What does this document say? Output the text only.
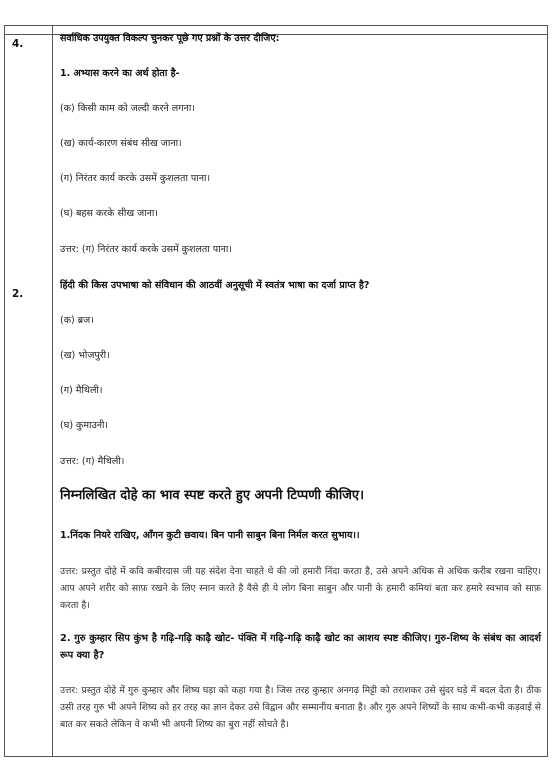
4.
2.
सर्वाधिक उपयुक्त विकल्प चुनकर पूछे गए प्रश्नों के उत्तर दीजिए:
1. अभ्यास करने का अर्थ होता है-
(क) किसी काम को जल्दी करने लगना।
(ख) कार्य-कारण संबंध सीख जाना।
(ग) निरंतर कार्य करके उसमें कुशलता पाना।
(घ) बहस करके सीख जाना।
उत्तर: (ग) निरंतर कार्य करके उसमें कुशलता पाना।
हिंदी की किस उपभाषा को संविधान की आठवीं अनुसूची में स्वतंत्र भाषा का दर्जा प्राप्त है?
(क) ब्रज।
(ख) भोजपुरी।
(ग) मैथिली।
(घ) कुमाउनी।
उत्तर: (ग) मैथिली।
निम्नलिखित दोहे का भाव स्पष्ट करते हुए अपनी टिप्पणी कीजिए।
1.निंदक नियरे राखिए, आँगन कुटी छवाय। बिन पानी साबुन बिना निर्मल करत सुभाय।।
उत्तर: प्रस्तुत दोहे में कवि कबीरदास जी यह संदेश देना चाहते थे की जो हमारी निंदा करता है, उसे अपने अधिक से अधिक करीब रखना चाहिए। आप अपने शरीर को साफ़ रखने के लिए स्नान करते है वैसे ही ये लोग बिना साबुन और पानी के हमारी कमियां बता कर हमारे स्वभाव को साफ़ करता है।
2. गुरु कुम्हार सिप कुंभ है गढ़ि-गढ़ि काढ़ै खोट- पंक्ति में गढ़ि-गढ़ि काढ़ै खोट का आशय स्पष्ट कीजिए। गुरु-शिष्य के संबंध का आदर्श रूप क्या है?
उत्तर: प्रस्तुत दोहे में गुरु कुम्हार और शिष्य घड़ा को कहा गया है। जिस तरह कुम्हार अनगढ़ मिट्टी को तराशकर उसे सुंदर घड़े में बदल देता है। ठीक उसी तरह गुरु भी अपने शिष्य को हर तरह का ज्ञान देकर उसे विद्वान और सम्मानीय बनाता है। और गुरु अपने शिष्यों के साथ कभी-कभी कड़वाई से बात कर सकते लेकिन वे कभी भी अपनी शिष्य का बुरा नहीं सोचते है।
